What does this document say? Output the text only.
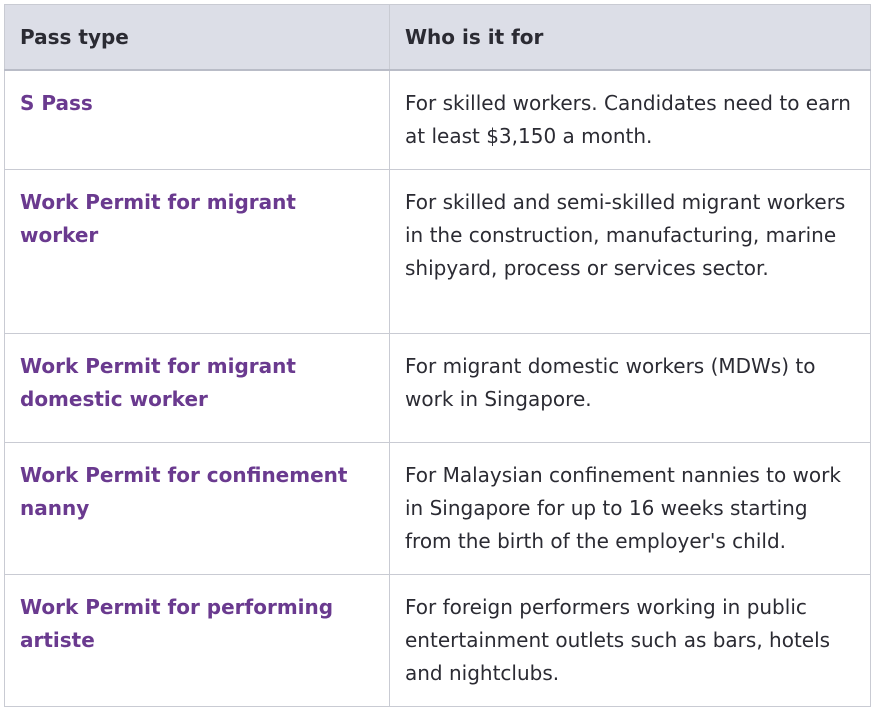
Pass type	Who is it for
S Pass	For skilled workers. Candidates need to earn at least $3,150 a month.
Work Permit for migrant worker	For skilled and semi-skilled migrant workers in the construction, manufacturing, marine shipyard, process or services sector.
Work Permit for migrant domestic worker	For migrant domestic workers (MDWs) to work in Singapore.
Work Permit for confinement nanny	For Malaysian confinement nannies to work in Singapore for up to 16 weeks starting from the birth of the employer's child.
Work Permit for performing artiste	For foreign performers working in public entertainment outlets such as bars, hotels and nightclubs.
